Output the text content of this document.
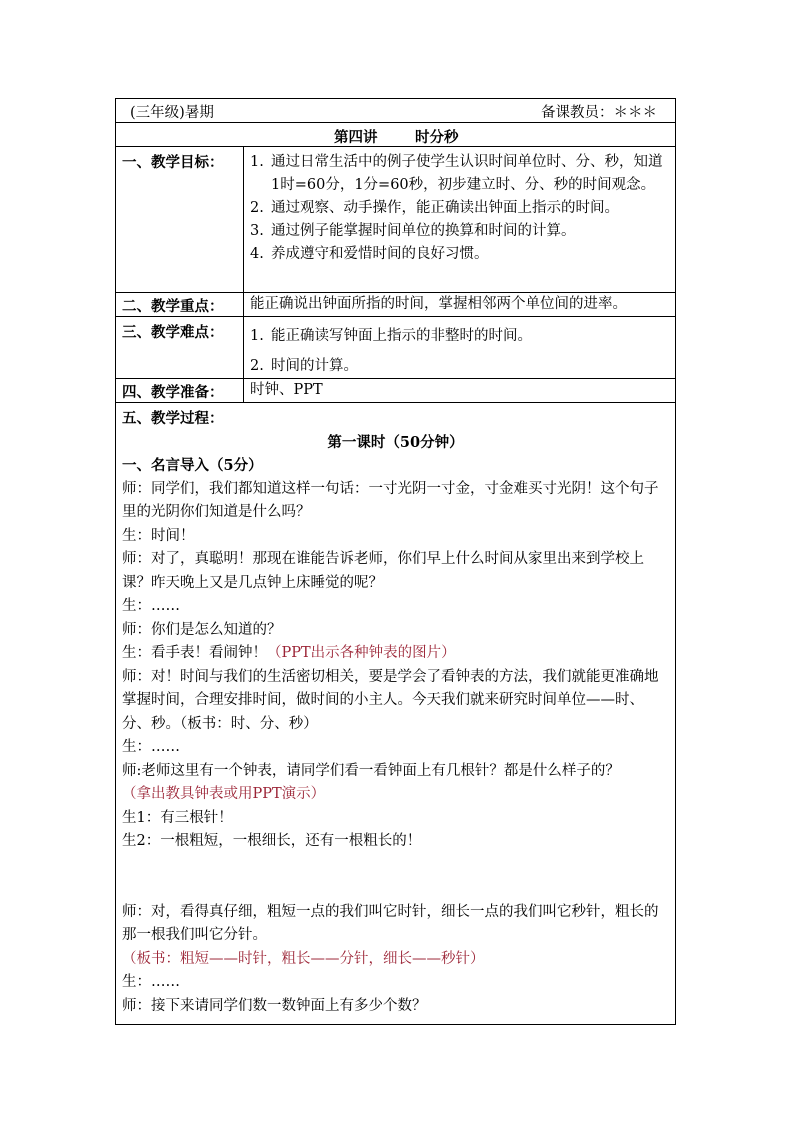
(三年级)暑期	备课教员：＊＊＊
第四讲	时分秒
一、教学目标： 1. 通过日常生活中的例子使学生认识时间单位时、分、秒，知道1时=60分，1分=60秒，初步建立时、分、秒的时间观念。
2. 通过观察、动手操作，能正确读出钟面上指示的时间。
3. 通过例子能掌握时间单位的换算和时间的计算。
4. 养成遵守和爱惜时间的良好习惯。
二、教学重点： 能正确说出钟面所指的时间，掌握相邻两个单位间的进率。
三、教学难点： 1. 能正确读写钟面上指示的非整时的时间。
2. 时间的计算。
四、教学准备： 时钟、PPT
五、教学过程：
第一课时（50分钟）
一、名言导入（5分）
师：同学们，我们都知道这样一句话：一寸光阴一寸金，寸金难买寸光阴！这个句子里的光阴你们知道是什么吗？
生：时间！
师：对了，真聪明！那现在谁能告诉老师，你们早上什么时间从家里出来到学校上课？昨天晚上又是几点钟上床睡觉的呢？
生：……
师：你们是怎么知道的？
生：看手表！看闹钟！（PPT出示各种钟表的图片）
师：对！时间与我们的生活密切相关，要是学会了看钟表的方法，我们就能更准确地掌握时间，合理安排时间，做时间的小主人。今天我们就来研究时间单位——时、分、秒。（板书：时、分、秒）
生：……
师:老师这里有一个钟表，请同学们看一看钟面上有几根针？都是什么样子的？
（拿出教具钟表或用PPT演示）
生1：有三根针！
生2：一根粗短，一根细长，还有一根粗长的！
师：对，看得真仔细，粗短一点的我们叫它时针，细长一点的我们叫它秒针，粗长的那一根我们叫它分针。
（板书：粗短——时针，粗长——分针，细长——秒针）
生：……
师：接下来请同学们数一数钟面上有多少个数？
